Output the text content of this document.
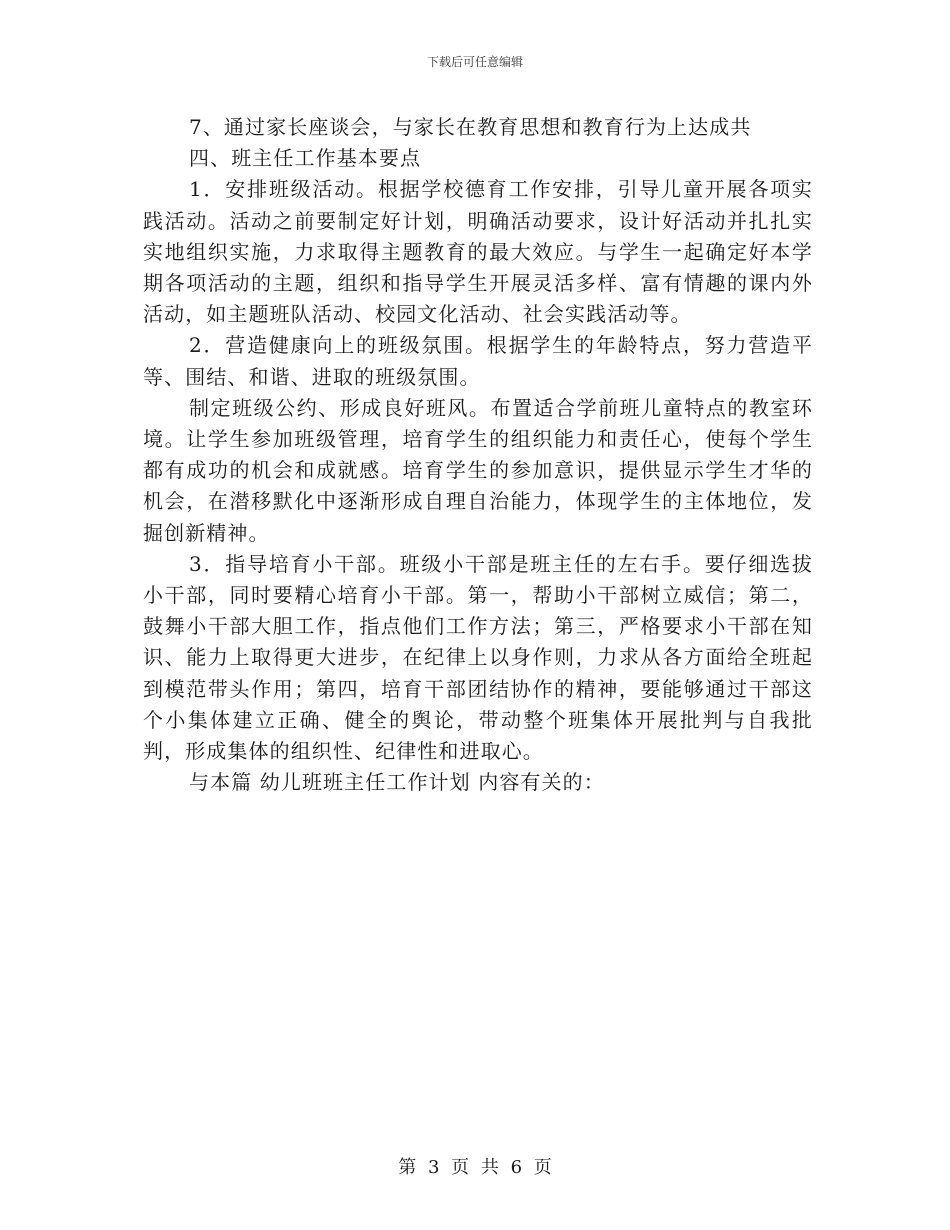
下载后可任意编辑

7、通过家长座谈会，与家长在教育思想和教育行为上达成共

四、班主任工作基本要点

1．安排班级活动。根据学校德育工作安排，引导儿童开展各项实践活动。活动之前要制定好计划，明确活动要求，设计好活动并扎扎实实地组织实施，力求取得主题教育的最大效应。与学生一起确定好本学期各项活动的主题，组织和指导学生开展灵活多样、富有情趣的课内外活动，如主题班队活动、校园文化活动、社会实践活动等。

2．营造健康向上的班级氛围。根据学生的年龄特点，努力营造平等、围结、和谐、进取的班级氛围。

制定班级公约、形成良好班风。布置适合学前班儿童特点的教室环境。让学生参加班级管理，培育学生的组织能力和责任心，使每个学生都有成功的机会和成就感。培育学生的参加意识，提供显示学生才华的机会，在潜移默化中逐渐形成自理自治能力，体现学生的主体地位，发掘创新精神。

3．指导培育小干部。班级小干部是班主任的左右手。要仔细选拔小干部，同时要精心培育小干部。第一，帮助小干部树立威信；第二，鼓舞小干部大胆工作，指点他们工作方法；第三，严格要求小干部在知识、能力上取得更大进步，在纪律上以身作则，力求从各方面给全班起到模范带头作用；第四，培育干部团结协作的精神，要能够通过干部这个小集体建立正确、健全的舆论，带动整个班集体开展批判与自我批判，形成集体的组织性、纪律性和进取心。

与本篇 幼儿班班主任工作计划 内容有关的：

第 3 页 共 6 页
